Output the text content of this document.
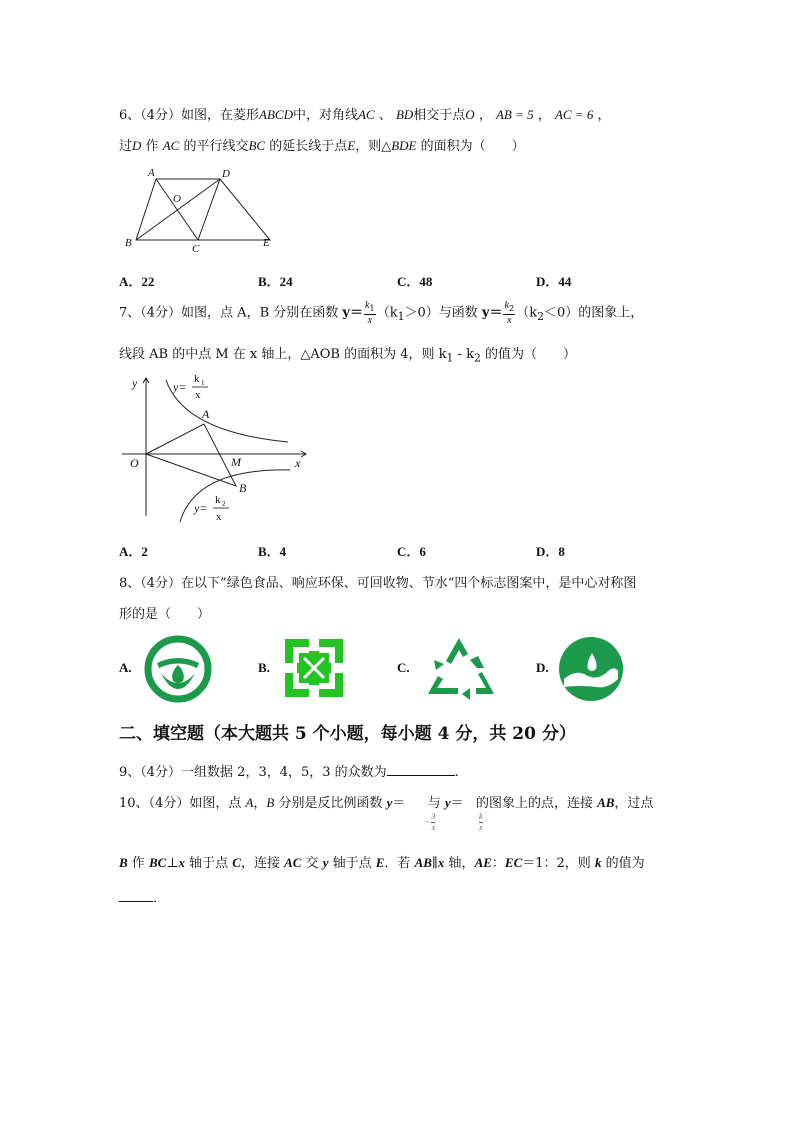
6、（4分）如图，在菱形ABCD中，对角线AC 、 BD相交于点O ， AB = 5 ， AC = 6 ，
过D 作 AC 的平行线交BC 的延长线于点E，则△BDE 的面积为（　　）
A	D
O
B	C	E
A．22	B．24	C．48	D．44
7、（4分）如图，点 A，B 分别在函数 $y= \frac{k_1}{x} (k_1>0)$与函数 $y= \frac{k_2}{x} (k_2<0)$的图象上，
线段 AB 的中点 M 在 x 轴上，△AOB 的面积为 4，则 $k_1 - k_2$ 的值为（　　）
y
x
O
A
B
M
y=
y=
k 1
x
k 2
x
A．2	B．4	C．6	D．8
8、（4分）在以下”绿色食品、响应环保、可回收物、节水“四个标志图案中，是中心对称图
形的是（　　）
A.	B.	C.	D.
二、填空题（本大题共 5 个小题，每小题 4 分，共 20 分）
9、（4分）一组数据 2，3，4，5，3 的众数为	.
10、（4分）如图，点 A，B 分别是反比例函数 y＝ 与 y＝ 的图象上的点，连接 AB，过点
− $\frac{3}{x}$	$\frac{k}{x}$
B 作 BC⊥x 轴于点 C，连接 AC 交 y 轴于点 E．若 AB∥x 轴，AE：EC＝1：2，则 k 的值为
．
